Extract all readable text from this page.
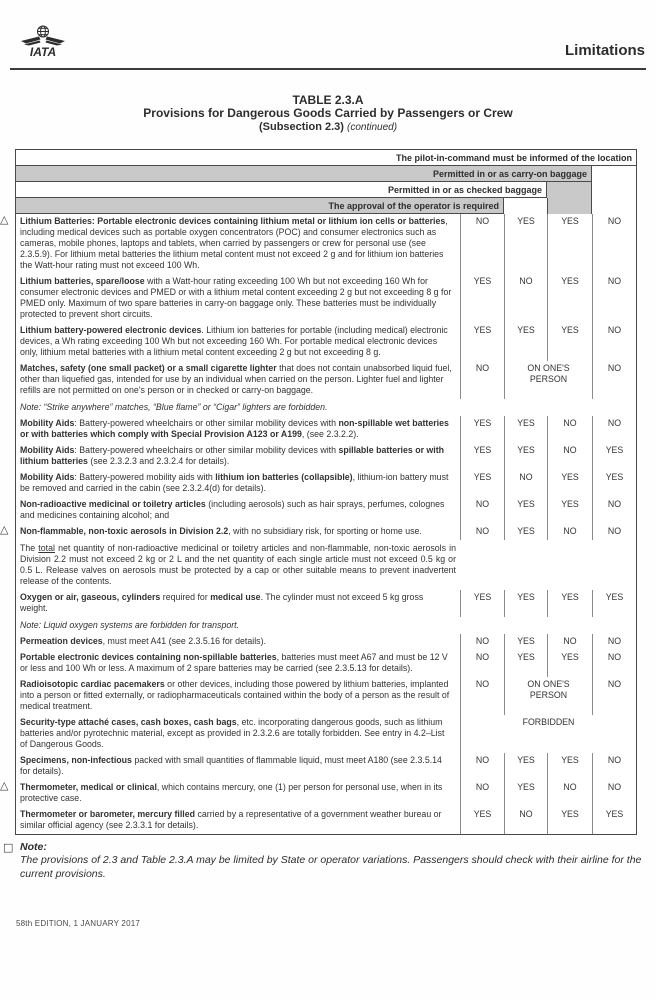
IATA	Limitations
TABLE 2.3.A
Provisions for Dangerous Goods Carried by Passengers or Crew
(Subsection 2.3) (continued)
The pilot-in-command must be informed of the location
Permitted in or as carry-on baggage
Permitted in or as checked baggage
The approval of the operator is required
△ Lithium Batteries: Portable electronic devices containing lithium metal or lithium ion cells or batteries, including medical devices such as portable oxygen concentrators (POC) and consumer electronics such as cameras, mobile phones, laptops and tablets, when carried by passengers or crew for personal use (see 2.3.5.9). For lithium metal batteries the lithium metal content must not exceed 2 g and for lithium ion batteries the Watt-hour rating must not exceed 100 Wh.
NO	YES	YES	NO
Lithium batteries, spare/loose with a Watt-hour rating exceeding 100 Wh but not exceeding 160 Wh for consumer electronic devices and PMED or with a lithium metal content exceeding 2 g but not exceeding 8 g for PMED only. Maximum of two spare batteries in carry-on baggage only. These batteries must be individually protected to prevent short circuits.
YES	NO	YES	NO
Lithium battery-powered electronic devices. Lithium ion batteries for portable (including medical) electronic devices, a Wh rating exceeding 100 Wh but not exceeding 160 Wh. For portable medical electronic devices only, lithium metal batteries with a lithium metal content exceeding 2 g but not exceeding 8 g.
YES	YES	YES	NO
Matches, safety (one small packet) or a small cigarette lighter that does not contain unabsorbed liquid fuel, other than liquefied gas, intended for use by an individual when carried on the person. Lighter fuel and lighter refills are not permitted on one's person or in checked or carry-on baggage.
NO	ON ONE'S PERSON
NO
Note: “Strike anywhere” matches, “Blue flame” or “Cigar” lighters are forbidden.
Mobility Aids: Battery-powered wheelchairs or other similar mobility devices with non-spillable wet batteries or with batteries which comply with Special Provision A123 or A199, (see 2.3.2.2).
YES	YES	NO	NO
Mobility Aids: Battery-powered wheelchairs or other similar mobility devices with spillable batteries or with lithium batteries (see 2.3.2.3 and 2.3.2.4 for details).
YES	YES	NO	YES
Mobility Aids: Battery-powered mobility aids with lithium ion batteries (collapsible), lithium-ion battery must be removed and carried in the cabin (see 2.3.2.4(d) for details).
YES	NO	YES	YES
Non-radioactive medicinal or toiletry articles (including aerosols) such as hair sprays, perfumes, colognes and medicines containing alcohol; and
NO	YES	YES	NO
△ Non-flammable, non-toxic aerosols in Division 2.2, with no subsidiary risk, for sporting or home use.	NO	YES	NO	NO
The total net quantity of non-radioactive medicinal or toiletry articles and non-flammable, non-toxic aerosols in Division 2.2 must not exceed 2 kg or 2 L and the net quantity of each single article must not exceed 0.5 kg or 0.5 L. Release valves on aerosols must be protected by a cap or other suitable means to prevent inadvertent release of the contents.
Oxygen or air, gaseous, cylinders required for medical use. The cylinder must not exceed 5 kg gross weight.
YES	YES	YES	YES
Note: Liquid oxygen systems are forbidden for transport.
Permeation devices, must meet A41 (see 2.3.5.16 for details).	NO	YES	NO	NO
Portable electronic devices containing non-spillable batteries, batteries must meet A67 and must be 12 V or less and 100 Wh or less. A maximum of 2 spare batteries may be carried (see 2.3.5.13 for details).
NO	YES	YES	NO
Radioisotopic cardiac pacemakers or other devices, including those powered by lithium batteries, implanted into a person or fitted externally, or radiopharmaceuticals contained within the body of a person as the result of medical treatment.
NO	ON ONE'S PERSON
NO
Security-type attaché cases, cash boxes, cash bags, etc. incorporating dangerous goods, such as lithium batteries and/or pyrotechnic material, except as provided in 2.3.2.6 are totally forbidden. See entry in 4.2–List of Dangerous Goods.
FORBIDDEN
Specimens, non-infectious packed with small quantities of flammable liquid, must meet A180 (see 2.3.5.14 for details).
NO	YES	YES	NO
△ Thermometer, medical or clinical, which contains mercury, one (1) per person for personal use, when in its protective case.
NO	YES	NO	NO
Thermometer or barometer, mercury filled carried by a representative of a government weather bureau or similar official agency (see 2.3.3.1 for details).
YES	NO	YES	YES
□ Note:
The provisions of 2.3 and Table 2.3.A may be limited by State or operator variations. Passengers should check with their airline for the current provisions.
58th EDITION, 1 JANUARY 2017
